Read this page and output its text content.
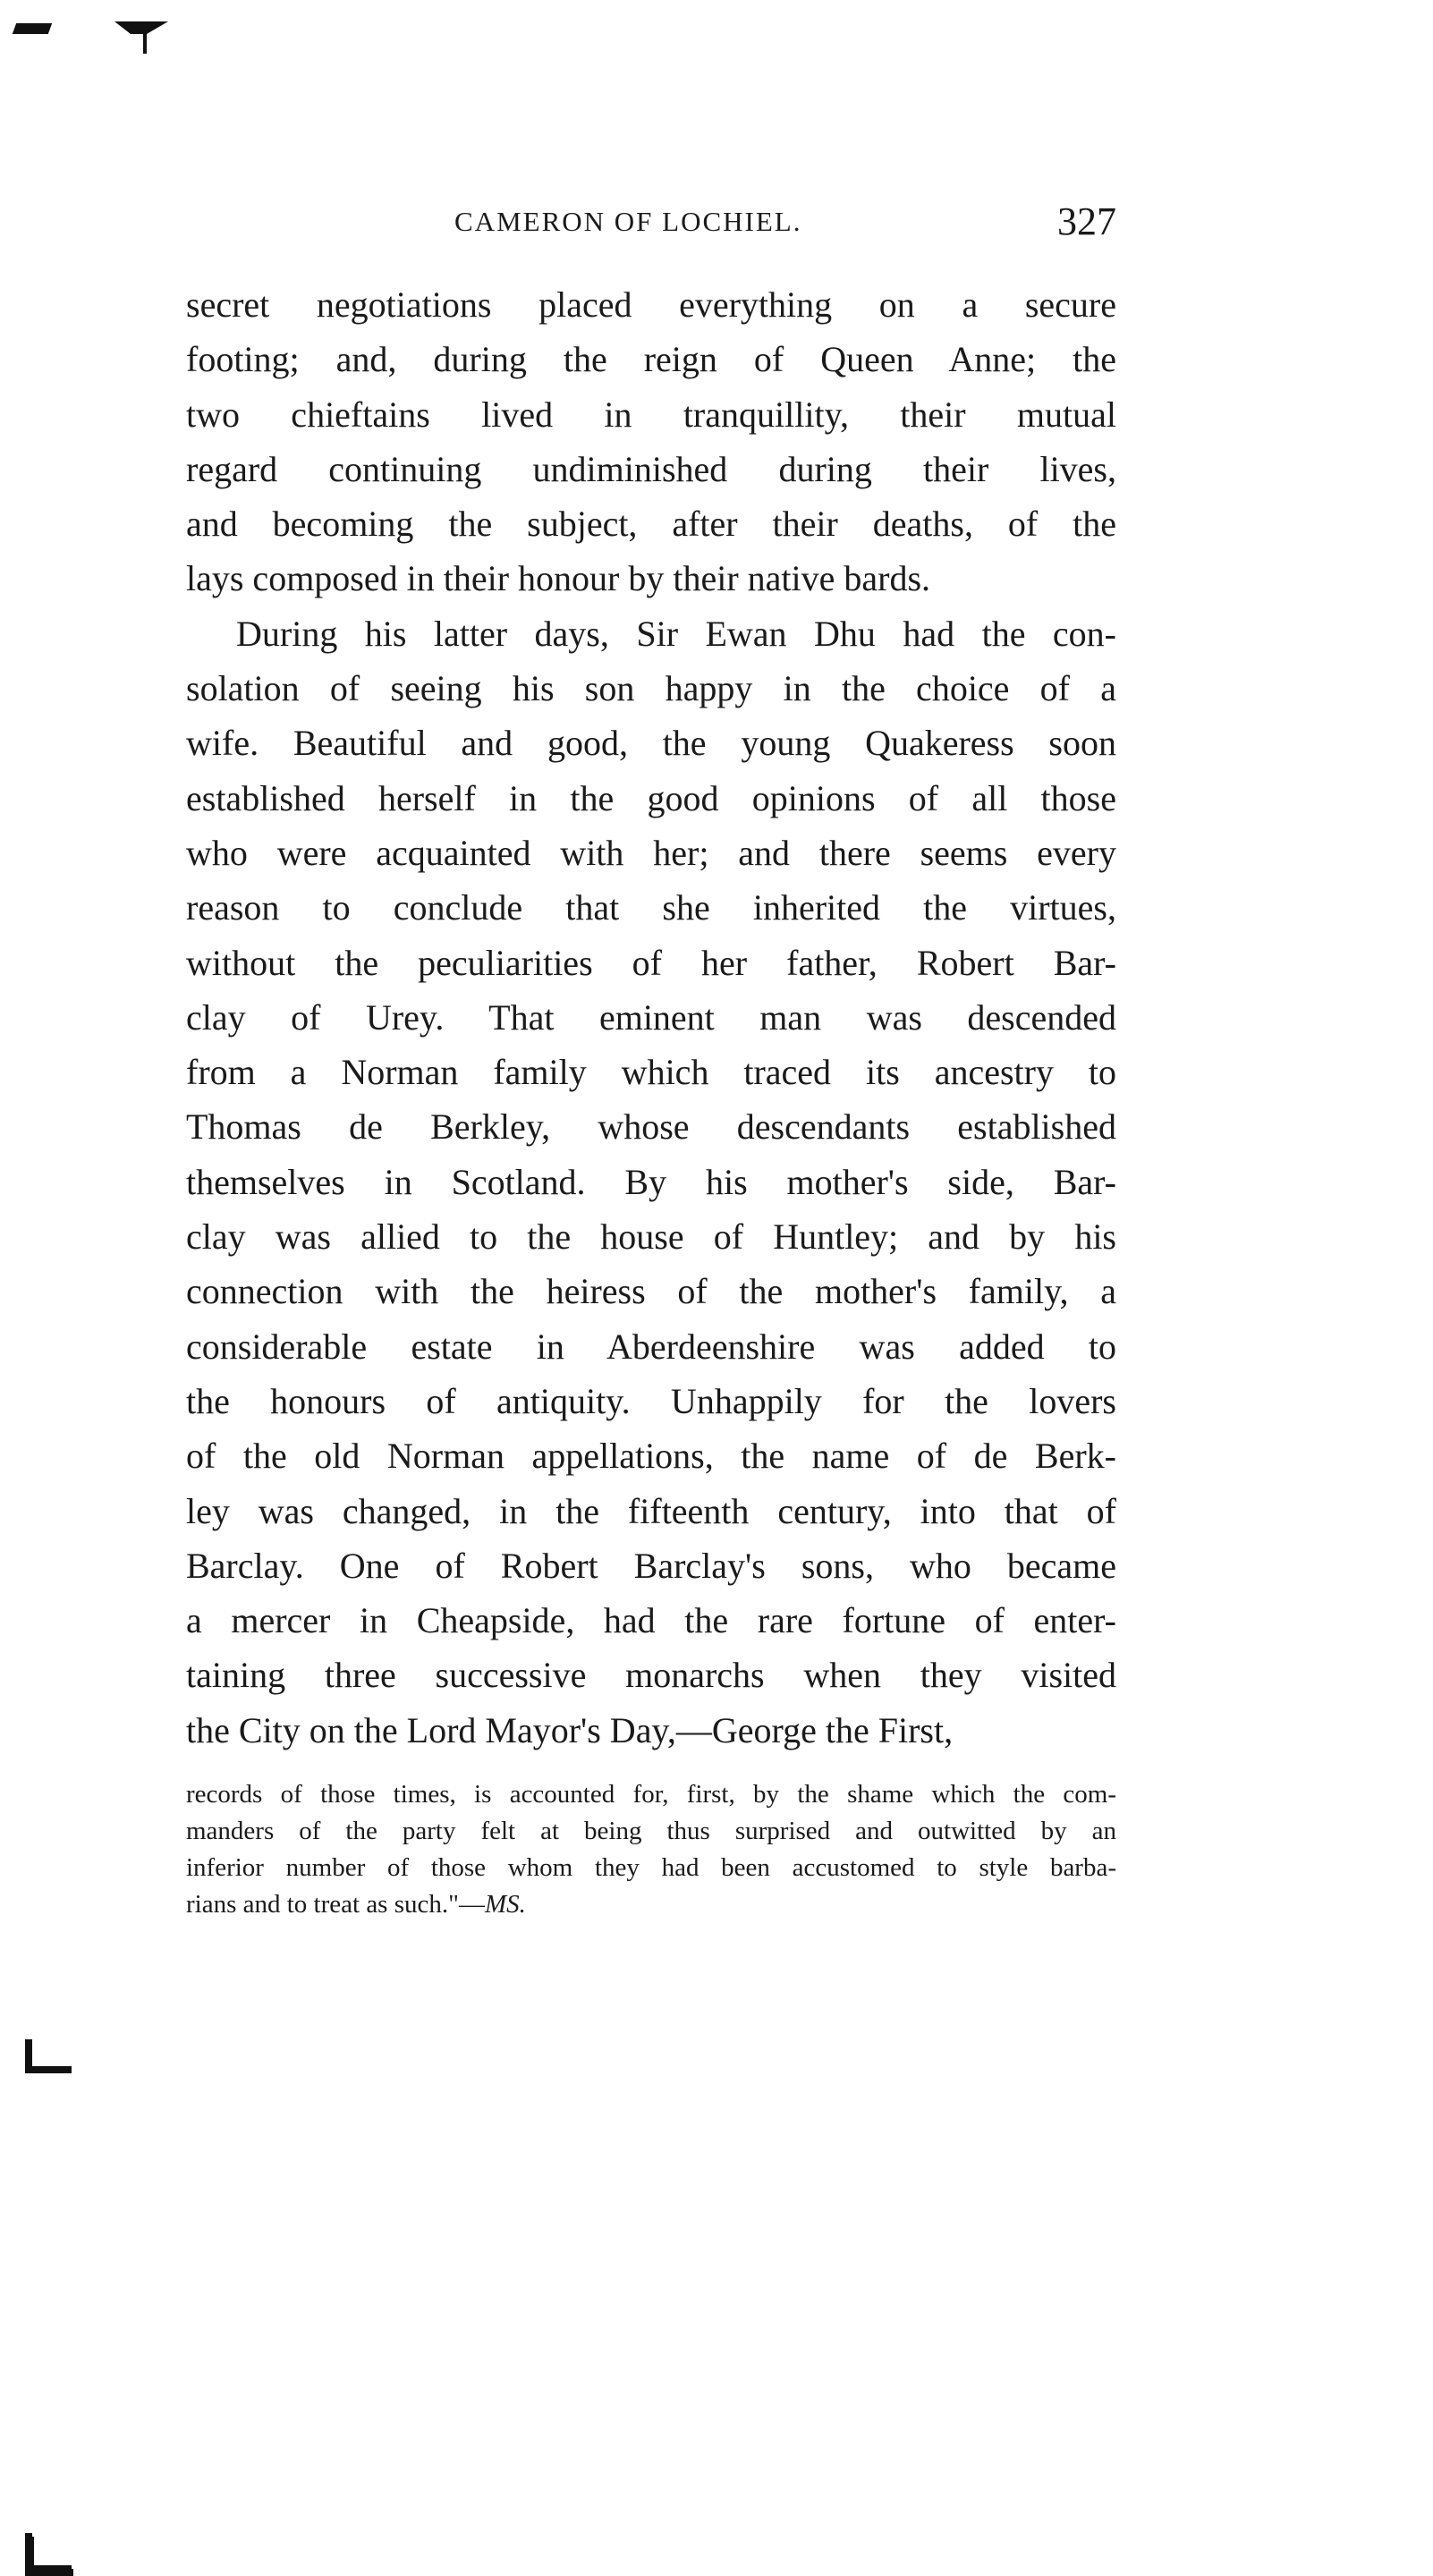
CAMERON OF LOCHIEL.	327
secret negotiations placed everything on a secure
footing; and, during the reign of Queen Anne; the
two chieftains lived in tranquillity, their mutual
regard continuing undiminished during their lives,
and becoming the subject, after their deaths, of the
lays composed in their honour by their native bards.
During his latter days, Sir Ewan Dhu had the con-
solation of seeing his son happy in the choice of a
wife. Beautiful and good, the young Quakeress soon
established herself in the good opinions of all those
who were acquainted with her; and there seems every
reason to conclude that she inherited the virtues,
without the peculiarities of her father, Robert Bar-
clay of Urey. That eminent man was descended
from a Norman family which traced its ancestry to
Thomas de Berkley, whose descendants established
themselves in Scotland. By his mother's side, Bar-
clay was allied to the house of Huntley; and by his
connection with the heiress of the mother's family, a
considerable estate in Aberdeenshire was added to
the honours of antiquity. Unhappily for the lovers
of the old Norman appellations, the name of de Berk-
ley was changed, in the fifteenth century, into that of
Barclay. One of Robert Barclay's sons, who became
a mercer in Cheapside, had the rare fortune of enter-
taining three successive monarchs when they visited
the City on the Lord Mayor's Day,—George the First,
records of those times, is accounted for, first, by the shame which the com-
manders of the party felt at being thus surprised and outwitted by an
inferior number of those whom they had been accustomed to style barba-
rians and to treat as such."—MS.
